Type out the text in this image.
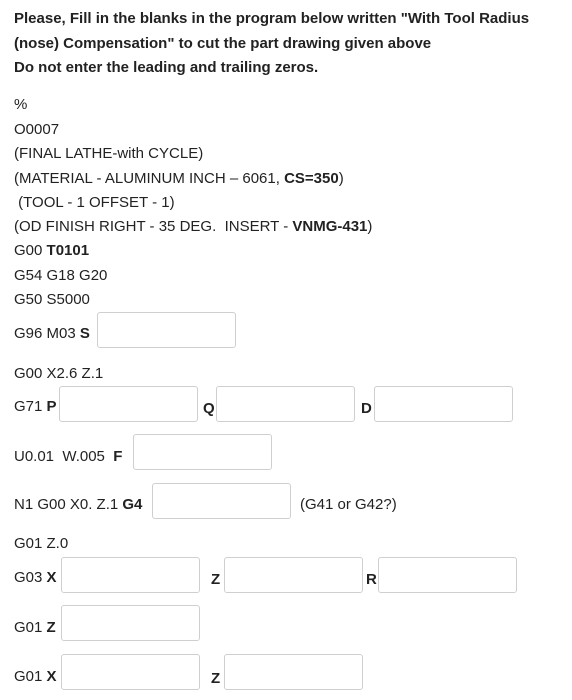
Please, Fill in the blanks in the program below written "With Tool Radius
(nose) Compensation" to cut the part drawing given above
Do not enter the leading and trailing zeros.
%
O0007
(FINAL LATHE-with CYCLE)
(MATERIAL - ALUMINUM INCH – 6061, CS=350)
(TOOL - 1 OFFSET - 1)
(OD FINISH RIGHT - 35 DEG.  INSERT - VNMG-431)
G00 T0101
G54 G18 G20
G50 S5000
G96 M03 S
G00 X2.6 Z.1
G71 P	Q	D
U0.01  W.005  F
N1 G00 X0. Z.1 G4	(G41 or G42?)
G01 Z.0
G03 X	Z	R
G01 Z
G01 X	Z
